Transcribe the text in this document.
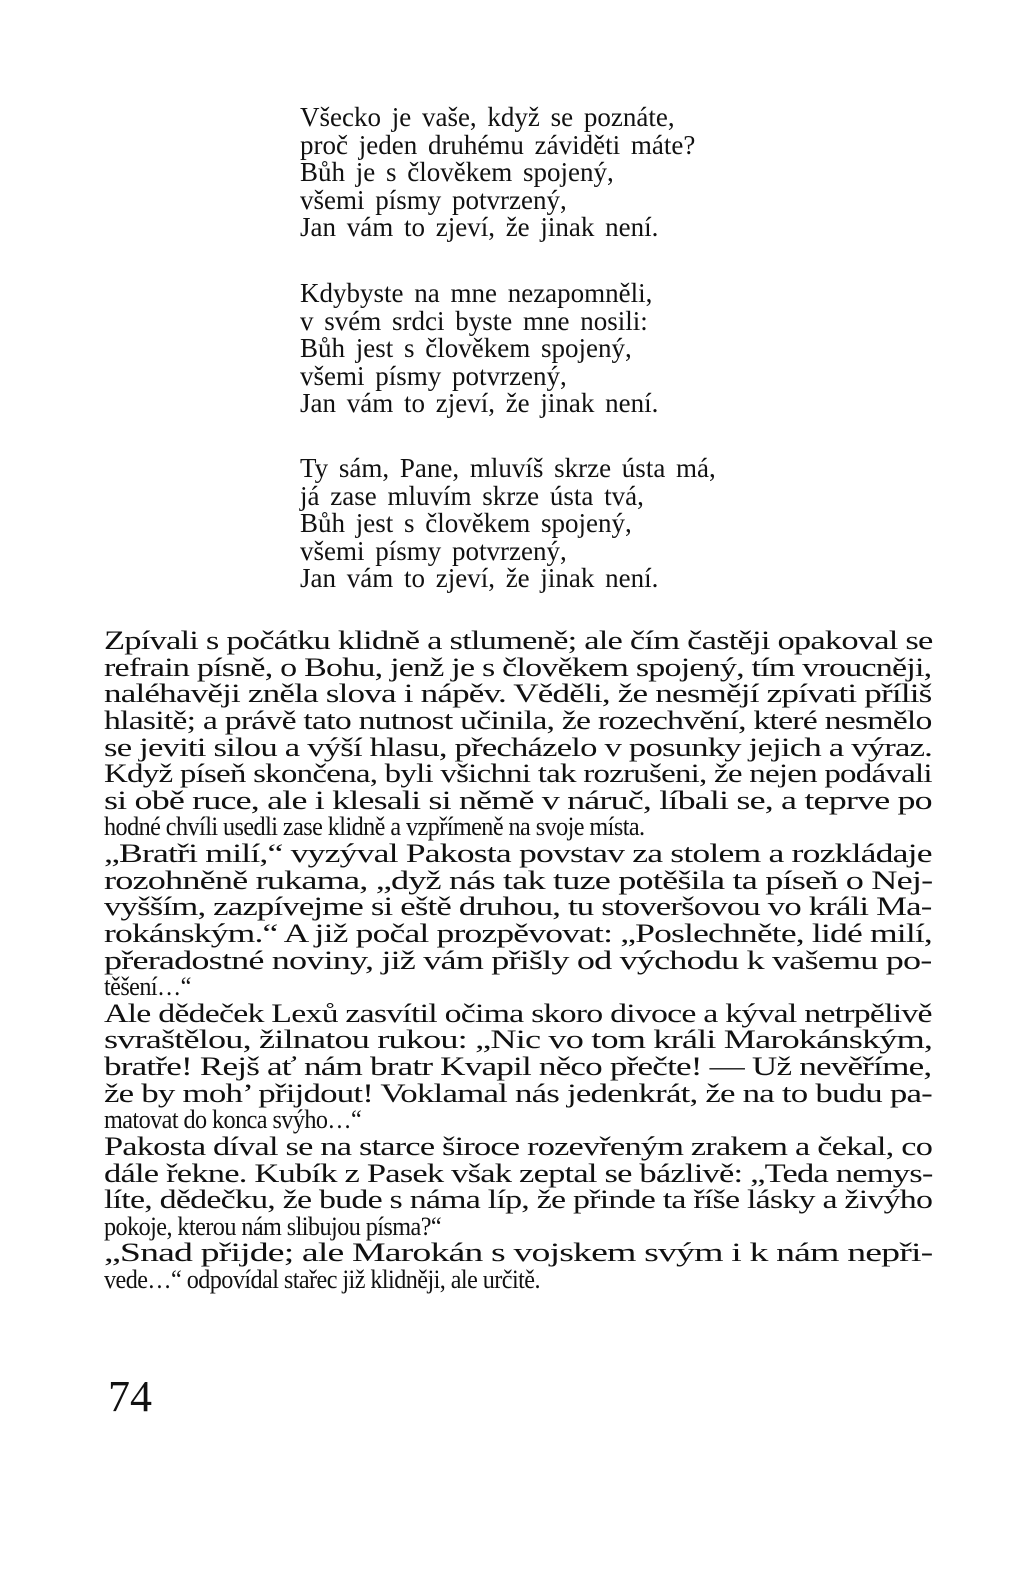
Všecko je vaše, když se poznáte,
proč jeden druhému záviděti máte?
Bůh je s člověkem spojený,
všemi písmy potvrzený,
Jan vám to zjeví, že jinak není.
Kdybyste na mne nezapomněli,
v svém srdci byste mne nosili:
Bůh jest s člověkem spojený,
všemi písmy potvrzený,
Jan vám to zjeví, že jinak není.
Ty sám, Pane, mluvíš skrze ústa má,
já zase mluvím skrze ústa tvá,
Bůh jest s člověkem spojený,
všemi písmy potvrzený,
Jan vám to zjeví, že jinak není.
Zpívali s počátku klidně a stlumeně; ale čím častěji opakoval se
refrain písně, o Bohu, jenž je s člověkem spojený, tím vroucněji,
naléhavěji zněla slova i nápěv. Věděli, že nesmějí zpívati příliš
hlasitě; a právě tato nutnost učinila, že rozechvění, které nesmělo
se jeviti silou a výší hlasu, přecházelo v posunky jejich a výraz.
Když píseň skončena, byli všichni tak rozrušeni, že nejen podávali
si obě ruce, ale i klesali si němě v náruč, líbali se, a teprve po
hodné chvíli usedli zase klidně a vzpřímeně na svoje místa.
„Bratři milí,“ vyzýval Pakosta povstav za stolem a rozkládaje
rozohněně rukama, „dyž nás tak tuze potěšila ta píseň o Nej-
vyšším, zazpívejme si eště druhou, tu stoveršovou vo králi Ma-
rokánským.“ A již počal prozpěvovat: „Poslechněte, lidé milí,
přeradostné noviny, již vám přišly od východu k vašemu po-
těšení…“
Ale dědeček Lexů zasvítil očima skoro divoce a kýval netrpělivě
svraštělou, žilnatou rukou: „Nic vo tom králi Marokánským,
bratře! Rejš ať nám bratr Kvapil něco přečte! — Už nevěříme,
že by moh’ přijdout! Voklamal nás jedenkrát, že na to budu pa-
matovat do konca svýho…“
Pakosta díval se na starce široce rozevřeným zrakem a čekal, co
dále řekne. Kubík z Pasek však zeptal se bázlivě: „Teda nemys-
líte, dědečku, že bude s náma líp, že přinde ta říše lásky a živýho
pokoje, kterou nám slibujou písma?“
„Snad přijde; ale Marokán s vojskem svým i k nám nepři-
vede…“ odpovídal stařec již klidněji, ale určitě.
74
